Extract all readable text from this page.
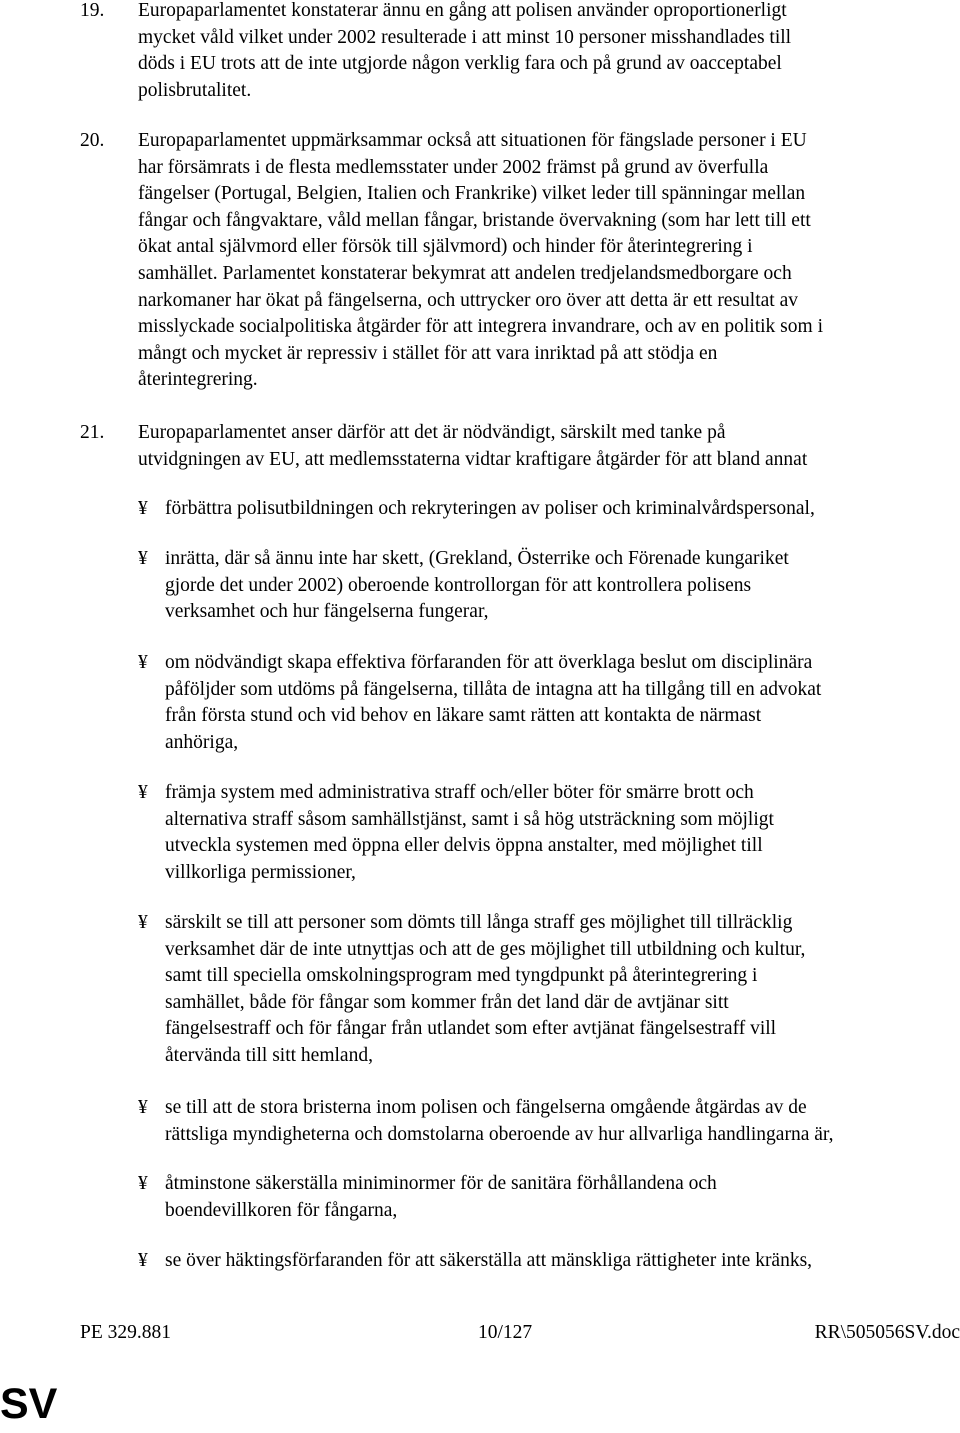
19.	Europaparlamentet konstaterar ännu en gång att polisen använder oproportionerligt
mycket våld vilket under 2002 resulterade i att minst 10 personer misshandlades till
döds i EU trots att de inte utgjorde någon verklig fara och på grund av oacceptabel
polisbrutalitet.
20.	Europaparlamentet uppmärksammar också att situationen för fängslade personer i EU
har försämrats i de flesta medlemsstater under 2002 främst på grund av överfulla
fängelser (Portugal, Belgien, Italien och Frankrike) vilket leder till spänningar mellan
fångar och fångvaktare, våld mellan fångar, bristande övervakning (som har lett till ett
ökat antal självmord eller försök till självmord) och hinder för återintegrering i
samhället. Parlamentet konstaterar bekymrat att andelen tredjelandsmedborgare och
narkomaner har ökat på fängelserna, och uttrycker oro över att detta är ett resultat av
misslyckade socialpolitiska åtgärder för att integrera invandrare, och av en politik som i
mångt och mycket är repressiv i stället för att vara inriktad på att stödja en
återintegrering.
21.	Europaparlamentet anser därför att det är nödvändigt, särskilt med tanke på
utvidgningen av EU, att medlemsstaterna vidtar kraftigare åtgärder för att bland annat
¥ förbättra polisutbildningen och rekryteringen av poliser och kriminalvårdspersonal,
¥ inrätta, där så ännu inte har skett, (Grekland, Österrike och Förenade kungariket
gjorde det under 2002) oberoende kontrollorgan för att kontrollera polisens
verksamhet och hur fängelserna fungerar,
¥ om nödvändigt skapa effektiva förfaranden för att överklaga beslut om disciplinära
påföljder som utdöms på fängelserna, tillåta de intagna att ha tillgång till en advokat
från första stund och vid behov en läkare samt rätten att kontakta de närmast
anhöriga,
¥ främja system med administrativa straff och/eller böter för smärre brott och
alternativa straff såsom samhällstjänst, samt i så hög utsträckning som möjligt
utveckla systemen med öppna eller delvis öppna anstalter, med möjlighet till
villkorliga permissioner,
¥ särskilt se till att personer som dömts till långa straff ges möjlighet till tillräcklig
verksamhet där de inte utnyttjas och att de ges möjlighet till utbildning och kultur,
samt till speciella omskolningsprogram med tyngdpunkt på återintegrering i
samhället, både för fångar som kommer från det land där de avtjänar sitt
fängelsestraff och för fångar från utlandet som efter avtjänat fängelsestraff vill
återvända till sitt hemland,
¥ se till att de stora bristerna inom polisen och fängelserna omgående åtgärdas av de
rättsliga myndigheterna och domstolarna oberoende av hur allvarliga handlingarna är,
¥ åtminstone säkerställa miniminormer för de sanitära förhållandena och
boendevillkoren för fångarna,
¥ se över häktingsförfaranden för att säkerställa att mänskliga rättigheter inte kränks,
PE 329.881	10/127	RR\505056SV.doc
SV
